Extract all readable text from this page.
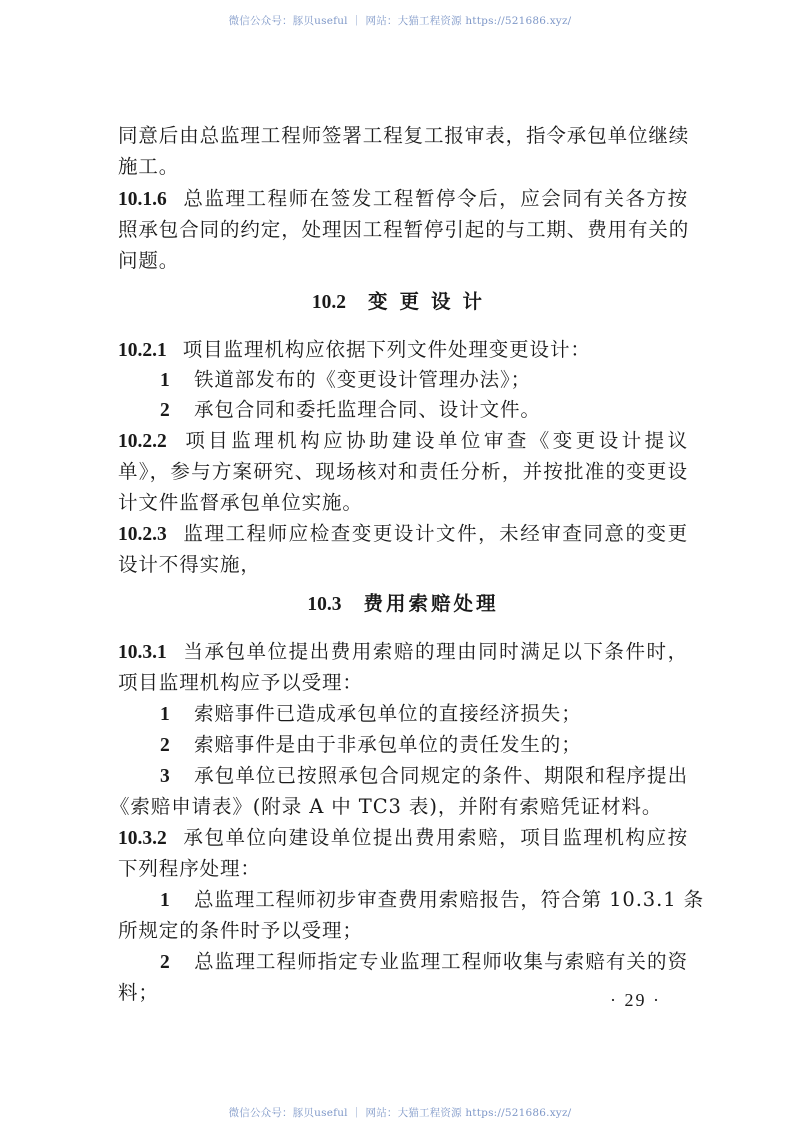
微信公众号：豚贝useful ｜ 网站：大猫工程资源 https://521686.xyz/
同意后由总监理工程师签署工程复工报审表，指令承包单位继续
施工。
10.1.6 总监理工程师在签发工程暂停令后，应会同有关各方按
照承包合同的约定，处理因工程暂停引起的与工期、费用有关的
问题。
10.2 变更设计
10.2.1 项目监理机构应依据下列文件处理变更设计：
1 铁道部发布的《变更设计管理办法》；
2 承包合同和委托监理合同、设计文件。
10.2.2 项目监理机构应协助建设单位审查《变更设计提议
单》，参与方案研究、现场核对和责任分析，并按批准的变更设
计文件监督承包单位实施。
10.2.3 监理工程师应检查变更设计文件，未经审查同意的变更
设计不得实施，
10.3 费用索赔处理
10.3.1 当承包单位提出费用索赔的理由同时满足以下条件时，
项目监理机构应予以受理：
1 索赔事件已造成承包单位的直接经济损失；
2 索赔事件是由于非承包单位的责任发生的；
3 承包单位已按照承包合同规定的条件、期限和程序提出
《索赔申请表》(附录 A 中 TC3 表)，并附有索赔凭证材料。
10.3.2 承包单位向建设单位提出费用索赔，项目监理机构应按
下列程序处理：
1 总监理工程师初步审查费用索赔报告，符合第 10.3.1 条
所规定的条件时予以受理；
2 总监理工程师指定专业监理工程师收集与索赔有关的资
料；	· 29 ·
微信公众号：豚贝useful ｜ 网站：大猫工程资源 https://521686.xyz/
